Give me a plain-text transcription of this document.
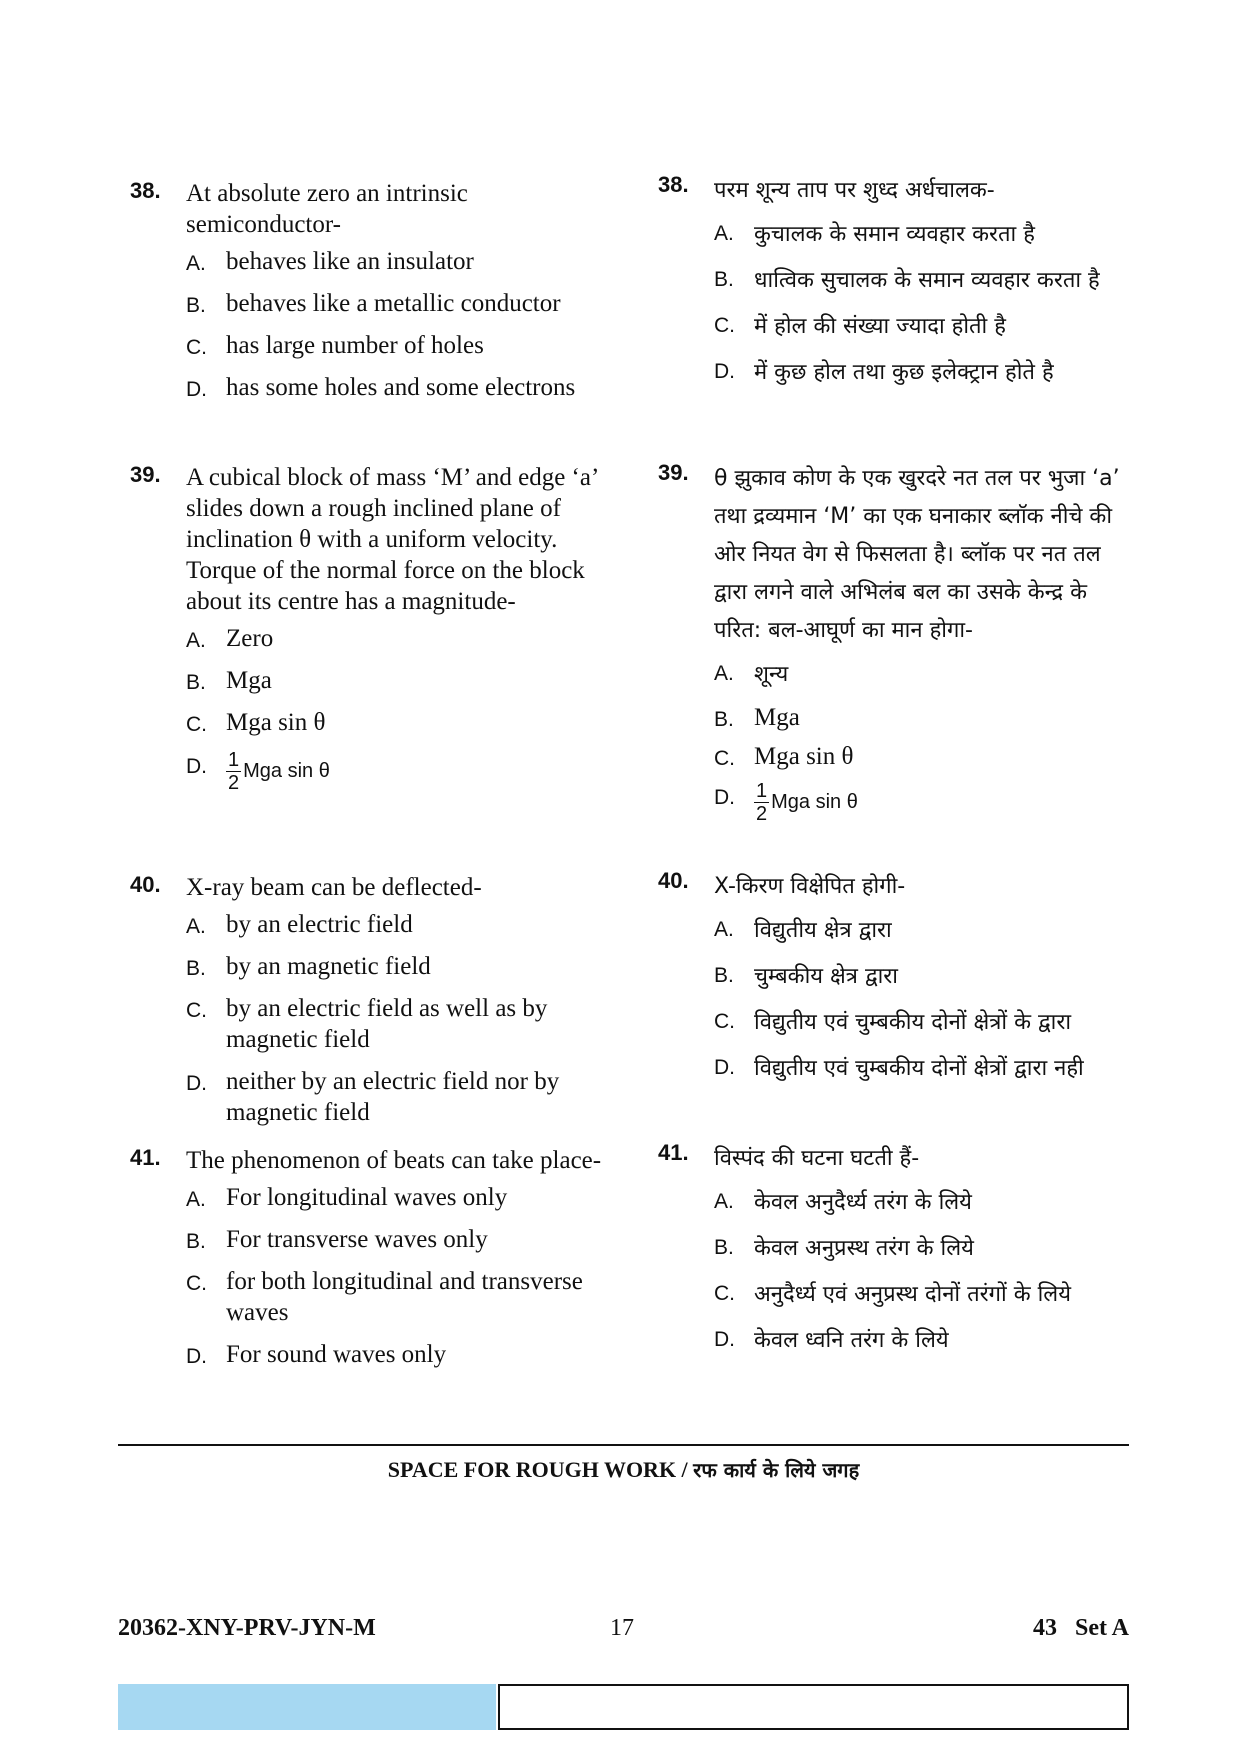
38. At absolute zero an intrinsic semiconductor-
A. behaves like an insulator
B. behaves like a metallic conductor
C. has large number of holes
D. has some holes and some electrons
39. A cubical block of mass ‘M’ and edge ‘a’ slides down a rough inclined plane of inclination θ with a uniform velocity. Torque of the normal force on the block about its centre has a magnitude-
A. Zero
B. Mga
C. Mga sin θ
D. $\frac{1}{2}$ Mga sin θ
40. X-ray beam can be deflected-
A. by an electric field
B. by an magnetic field
C. by an electric field as well as by magnetic field
D. neither by an electric field nor by magnetic field
41. The phenomenon of beats can take place-
A. For longitudinal waves only
B. For transverse waves only
C. for both longitudinal and transverse waves
D. For sound waves only
38. परम शून्य ताप पर शुध्द अर्धचालक-
A. कुचालक के समान व्यवहार करता है
B. धात्विक सुचालक के समान व्यवहार करता है
C. में होल की संख्या ज्यादा होती है
D. में कुछ होल तथा कुछ इलेक्ट्रान होते है
39. θ झुकाव कोण के एक खुरदरे नत तल पर भुजा ‘a’ तथा द्रव्यमान ‘M’ का एक घनाकार ब्लॉक नीचे की ओर नियत वेग से फिसलता है। ब्लॉक पर नत तल द्वारा लगने वाले अभिलंब बल का उसके केन्द्र के परित: बल-आघूर्ण का मान होगा-
A. शून्य
B. Mga
C. Mga sin θ
D. $\frac{1}{2}$ Mga sin θ
40. X-किरण विक्षेपित होगी-
A. विद्युतीय क्षेत्र द्वारा
B. चुम्बकीय क्षेत्र द्वारा
C. विद्युतीय एवं चुम्बकीय दोनों क्षेत्रों के द्वारा
D. विद्युतीय एवं चुम्बकीय दोनों क्षेत्रों द्वारा नही
41. विस्पंद की घटना घटती हैं-
A. केवल अनुदैर्ध्य तरंग के लिये
B. केवल अनुप्रस्थ तरंग के लिये
C. अनुदैर्ध्य एवं अनुप्रस्थ दोनों तरंगों के लिये
D. केवल ध्वनि तरंग के लिये
SPACE FOR ROUGH WORK / रफ कार्य के लिये जगह
20362-XNY-PRV-JYN-M	17	43   Set A
